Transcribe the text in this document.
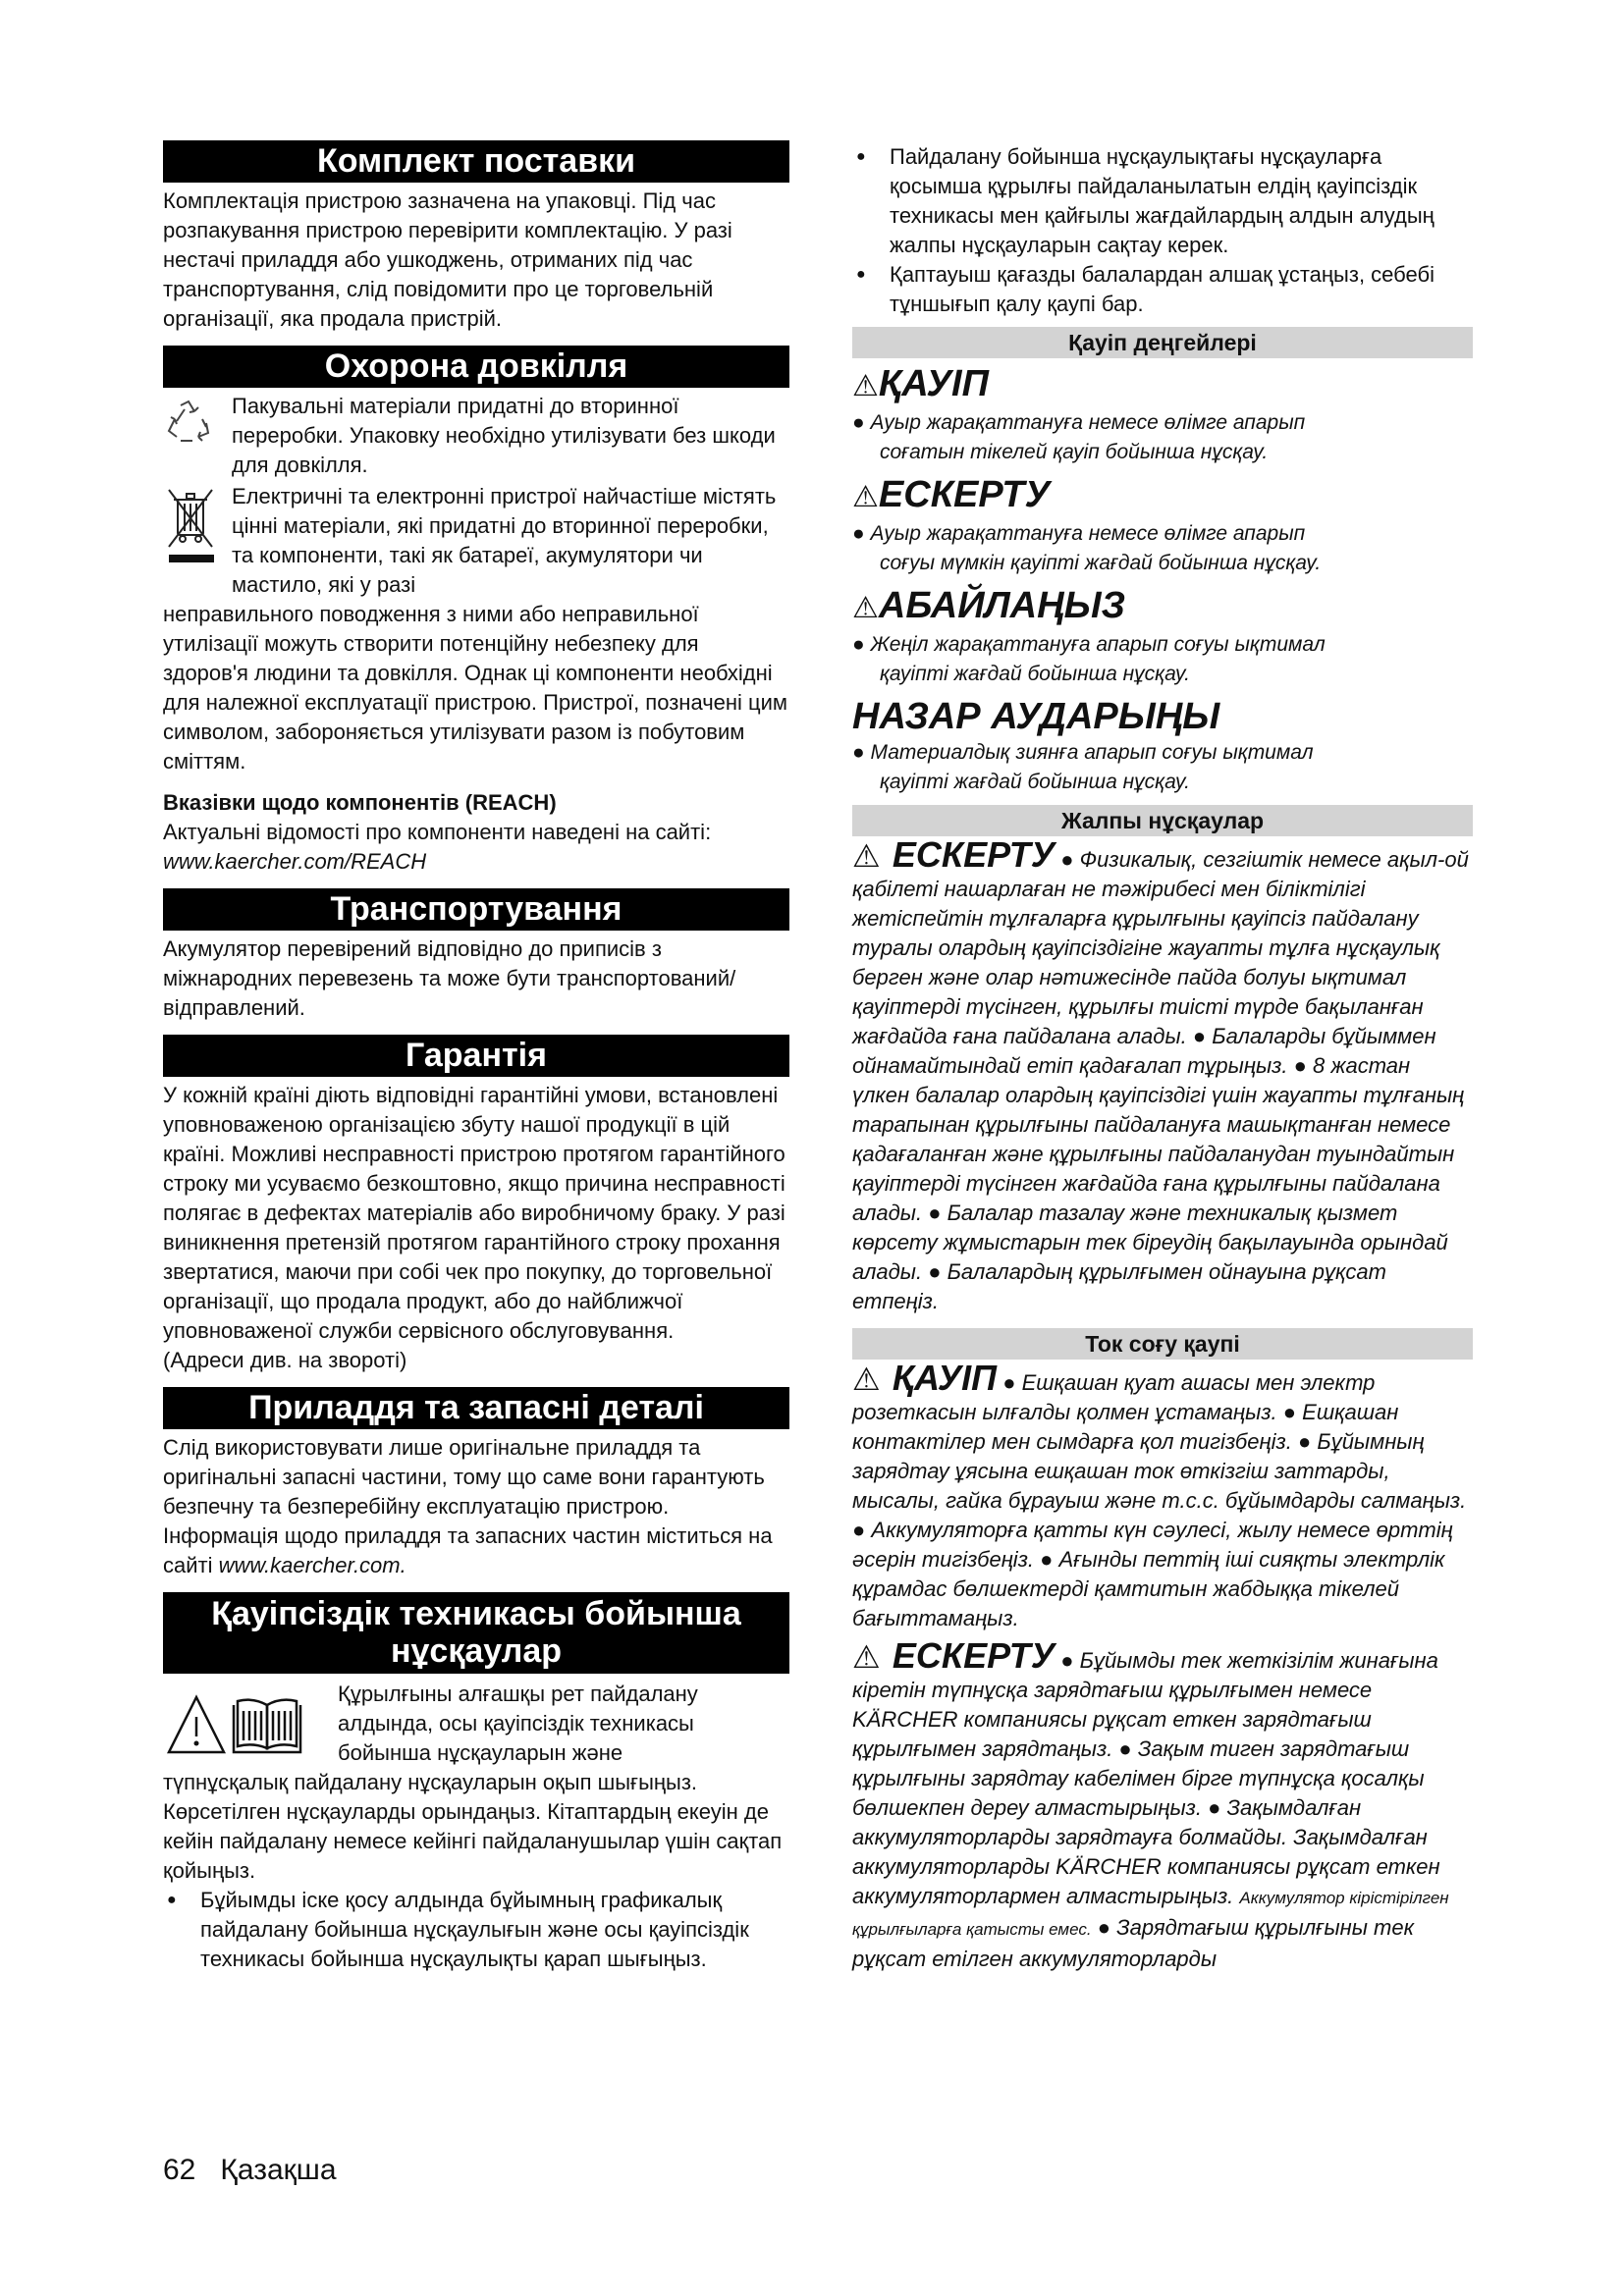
Комплект поставки

Комплектація пристрою зазначена на упаковці. Під час розпакування пристрою перевірити комплектацію. У разі нестачі приладдя або ушкоджень, отриманих під час транспортування, слід повідомити про це торговельній організації, яка продала пристрій.

Охорона довкілля

Пакувальні матеріали придатні до вторинної переробки. Упаковку необхідно утилізувати без шкоди для довкілля.

Електричні та електронні пристрої найчастіше містять цінні матеріали, які придатні до вторинної переробки, та компоненти, такі як батареї, акумулятори чи мастило, які у разі

неправильного поводження з ними або неправильної утилізації можуть створити потенційну небезпеку для здоров'я людини та довкілля. Однак ці компоненти необхідні для належної експлуатації пристрою. Пристрої, позначені цим символом, забороняється утилізувати разом із побутовим сміттям.

Вказівки щодо компонентів (REACH)

Актуальні відомості про компоненти наведені на сайті: www.kaercher.com/REACH

Транспортування

Акумулятор перевірений відповідно до приписів з міжнародних перевезень та може бути транспортований/відправлений.

Гарантія

У кожній країні діють відповідні гарантійні умови, встановлені уповноваженою організацією збуту нашої продукції в цій країні. Можливі несправності пристрою протягом гарантійного строку ми усуваємо безкоштовно, якщо причина несправності полягає в дефектах матеріалів або виробничому браку. У разі виникнення претензій протягом гарантійного строку прохання звертатися, маючи при собі чек про покупку, до торговельної організації, що продала продукт, або до найближчої уповноваженої служби сервісного обслуговування.

(Адреси див. на звороті)

Приладдя та запасні деталі

Слід використовувати лише оригінальне приладдя та оригінальні запасні частини, тому що саме вони гарантують безпечну та безперебійну експлуатацію пристрою.

Інформація щодо приладдя та запасних частин міститься на сайті www.kaercher.com.

Қауіпсіздік техникасы бойынша
нұсқаулар

Құрылғыны алғашқы рет пайдалану алдында, осы қауіпсіздік техникасы бойынша нұсқауларын және

түпнұсқалық пайдалану нұсқауларын оқып шығыңыз. Көрсетілген нұсқауларды орындаңыз. Кітаптардың екеуін де кейін пайдалану немесе кейінгі пайдаланушылар үшін сақтап қойыңыз.

● Бұйымды іске қосу алдында бұйымның графикалық пайдалану бойынша нұсқаулығын және осы қауіпсіздік техникасы бойынша нұсқаулықты қарап шығыңыз.

● Пайдалану бойынша нұсқаулықтағы нұсқауларға қосымша құрылғы пайдаланылатын елдің қауіпсіздік техникасы мен қайғылы жағдайлардың алдын алудың жалпы нұсқауларын сақтау керек.

● Қаптауыш қағазды балалардан алшақ ұстаңыз, себебі тұншығып қалу қаупі бар.

Қауіп деңгейлері

⚠ҚАУІП

● Ауыр жарақаттануға немесе өлімге апарып
соғатын тікелей қауіп бойынша нұсқау.

⚠ЕСКЕРТУ

● Ауыр жарақаттануға немесе өлімге апарып
соғуы мүмкін қауіпті жағдай бойынша нұсқау.

⚠АБАЙЛАҢЫЗ

● Жеңіл жарақаттануға апарып соғуы ықтимал
қауіпті жағдай бойынша нұсқау.

НАЗАР АУДАРЫҢЫ

● Материалдық зиянға апарып соғуы ықтимал
қауіпті жағдай бойынша нұсқау.

Жалпы нұсқаулар

⚠ ЕСКЕРТУ ● Физикалық, сезгіштік немесе ақыл-ой қабілеті нашарлаған не тәжірибесі мен біліктілігі жетіспейтін тұлғаларға құрылғыны қауіпсіз пайдалану туралы олардың қауіпсіздігіне жауапты тұлға нұсқаулық берген және олар нәтижесінде пайда болуы ықтимал қауіптерді түсінген, құрылғы тиісті түрде бақыланған жағдайда ғана пайдалана алады. ● Балаларды бұйыммен ойнамайтындай етіп қадағалап тұрыңыз. ● 8 жастан үлкен балалар олардың қауіпсіздігі үшін жауапты тұлғаның тарапынан құрылғыны пайдалануға машықтанған немесе қадағаланған және құрылғыны пайдаланудан туындайтын қауіптерді түсінген жағдайда ғана құрылғыны пайдалана алады. ● Балалар тазалау және техникалық қызмет көрсету жұмыстарын тек біреудің бақылауында орындай алады. ● Балалардың құрылғымен ойнауына рұқсат етпеңіз.

Ток соғу қаупі

⚠ ҚАУІП ● Ешқашан қуат ашасы мен электр розеткасын ылғалды қолмен ұстамаңыз. ● Ешқашан контактілер мен сымдарға қол тигізбеңіз. ● Бұйымның зарядтау ұясына ешқашан ток өткізгіш заттарды, мысалы, гайка бұрауыш және т.с.с. бұйымдарды салмаңыз. ● Аккумуляторға қатты күн сәулесі, жылу немесе өрттің әсерін тигізбеңіз. ● Ағынды петтің іші сияқты электрлік құрамдас бөлшектерді қамтитын жабдыққа тікелей бағыттамаңыз.

⚠ ЕСКЕРТУ ● Бұйымды тек жеткізілім жинағына кіретін түпнұсқа зарядтағыш құрылғымен немесе KÄRCHER компаниясы рұқсат еткен зарядтағыш құрылғымен зарядтаңыз. ● Зақым тиген зарядтағыш құрылғыны зарядтау кабелімен бірге түпнұсқа қосалқы бөлшекпен дереу алмастырыңыз. ● Зақымдалған аккумуляторларды зарядтауға болмайды. Зақымдалған аккумуляторларды KÄRCHER компаниясы рұқсат еткен аккумуляторлармен алмастырыңыз. Аккумулятор кірістірілген құрылғыларға қатысты емес. ● Зарядтағыш құрылғыны тек рұқсат етілген аккумуляторларды

62 Қазақша
